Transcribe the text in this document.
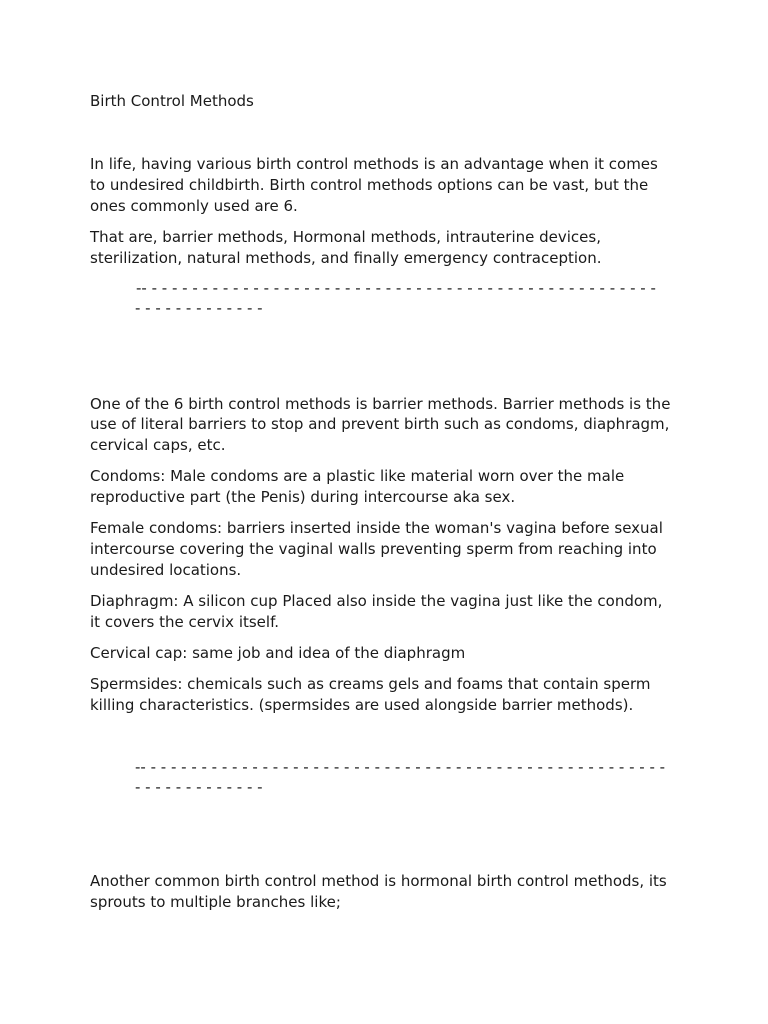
Birth Control Methods
In life, having various birth control methods is an advantage when it comes
to undesired childbirth. Birth control methods options can be vast, but the
ones commonly used are 6.
That are, barrier methods, Hormonal methods, intrauterine devices,
sterilization, natural methods, and finally emergency contraception.
-- - - - - - - - - - - - - - - - - - - - - - - - - - - - - - - - - - - - - - - - - - - - - - - - - - -
- - - - - - - - - - - - -
One of the 6 birth control methods is barrier methods. Barrier methods is the
use of literal barriers to stop and prevent birth such as condoms, diaphragm,
cervical caps, etc.
Condoms: Male condoms are a plastic like material worn over the male
reproductive part (the Penis) during intercourse aka sex.
Female condoms: barriers inserted inside the woman's vagina before sexual
intercourse covering the vaginal walls preventing sperm from reaching into
undesired locations.
Diaphragm: A silicon cup Placed also inside the vagina just like the condom,
it covers the cervix itself.
Cervical cap: same job and idea of the diaphragm
Spermsides: chemicals such as creams gels and foams that contain sperm
killing characteristics. (spermsides are used alongside barrier methods).
-- - - - - - - - - - - - - - - - - - - - - - - - - - - - - - - - - - - - - - - - - - - - - - - - - - - -
- - - - - - - - - - - - -
Another common birth control method is hormonal birth control methods, its
sprouts to multiple branches like;
